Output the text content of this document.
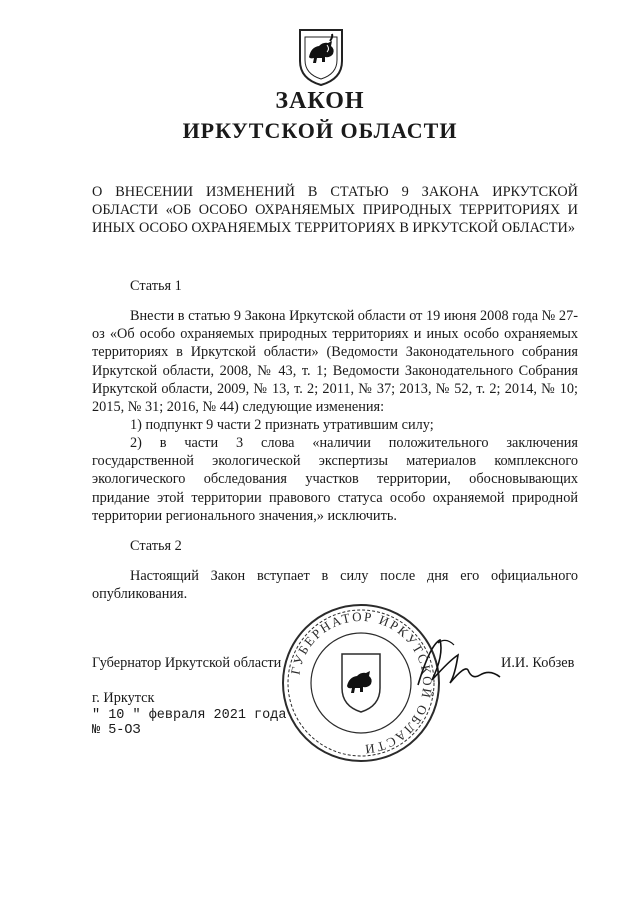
ЗАКОН
ИРКУТСКОЙ ОБЛАСТИ
О ВНЕСЕНИИ ИЗМЕНЕНИЙ В СТАТЬЮ 9 ЗАКОНА ИРКУТСКОЙ ОБЛАСТИ «ОБ ОСОБО ОХРАНЯЕМЫХ ПРИРОДНЫХ ТЕРРИТОРИЯХ И ИНЫХ ОСОБО ОХРАНЯЕМЫХ ТЕРРИТОРИЯХ В ИРКУТСКОЙ ОБЛАСТИ»
Статья 1
Внести в статью 9 Закона Иркутской области от 19 июня 2008 года № 27-оз «Об особо охраняемых природных территориях и иных особо охраняемых территориях в Иркутской области» (Ведомости Законодательного собрания Иркутской области, 2008, № 43, т. 1; Ведомости Законодательного Собрания Иркутской области, 2009, № 13, т. 2; 2011, № 37; 2013, № 52, т. 2; 2014, № 10; 2015, № 31; 2016, № 44) следующие изменения:
1) подпункт 9 части 2 признать утратившим силу;
2) в части 3 слова «наличии положительного заключения государственной экологической экспертизы материалов комплексного экологического обследования участков территории, обосновывающих придание этой территории правового статуса особо охраняемой природной территории регионального значения,» исключить.
Статья 2
Настоящий Закон вступает в силу после дня его официального опубликования.
ГУБЕРНАТОР ИРКУТСКОЙ ОБЛАСТИ
Губернатор Иркутской области	И.И. Кобзев
г. Иркутск
" 10 " февраля 2021 года
№ 5-ОЗ
